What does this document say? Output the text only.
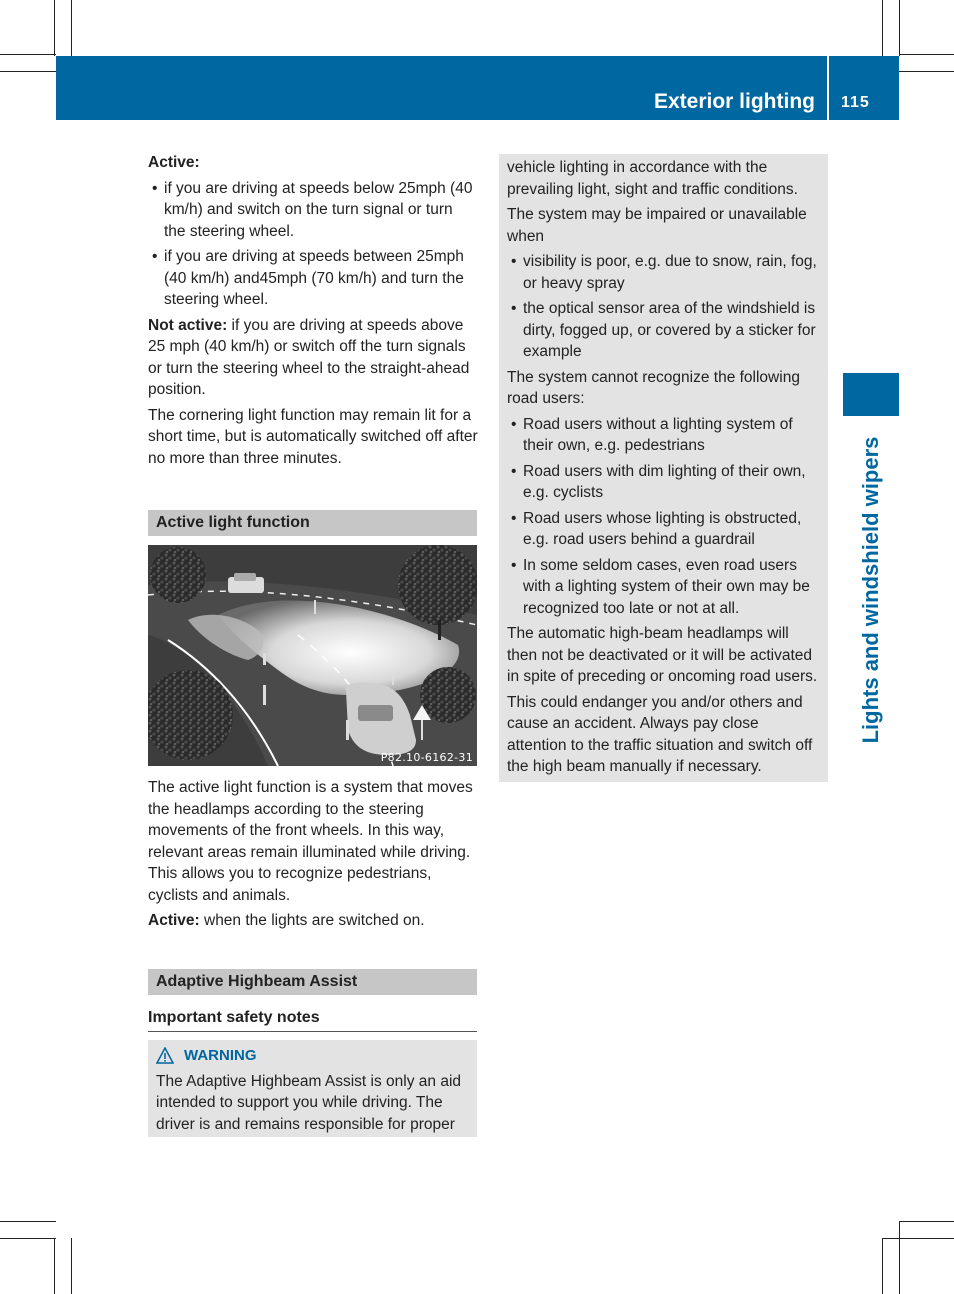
Exterior lighting 115
Lights and windshield wipers

Active:

• if you are driving at speeds below 25mph (40 km/h) and switch on the turn signal or turn the steering wheel.
• if you are driving at speeds between 25mph (40 km/h) and45mph (70 km/h) and turn the steering wheel.

Not active: if you are driving at speeds above 25 mph (40 km/h) or switch off the turn signals or turn the steering wheel to the straight-ahead position.

The cornering light function may remain lit for a short time, but is automatically switched off after no more than three minutes.

Active light function
P82.10-6162-31

The active light function is a system that moves the headlamps according to the steering movements of the front wheels. In this way, relevant areas remain illuminated while driving. This allows you to recognize pedestrians, cyclists and animals.

Active: when the lights are switched on.

Adaptive Highbeam Assist
Important safety notes
WARNING

The Adaptive Highbeam Assist is only an aid intended to support you while driving. The driver is and remains responsible for proper

vehicle lighting in accordance with the prevailing light, sight and traffic conditions.

The system may be impaired or unavailable when

• visibility is poor, e.g. due to snow, rain, fog, or heavy spray
• the optical sensor area of the windshield is dirty, fogged up, or covered by a sticker for example

The system cannot recognize the following road users:

• Road users without a lighting system of their own, e.g. pedestrians
• Road users with dim lighting of their own, e.g. cyclists
• Road users whose lighting is obstructed, e.g. road users behind a guardrail
• In some seldom cases, even road users with a lighting system of their own may be recognized too late or not at all.

The automatic high-beam headlamps will then not be deactivated or it will be activated in spite of preceding or oncoming road users.

This could endanger you and/or others and cause an accident. Always pay close attention to the traffic situation and switch off the high beam manually if necessary.
